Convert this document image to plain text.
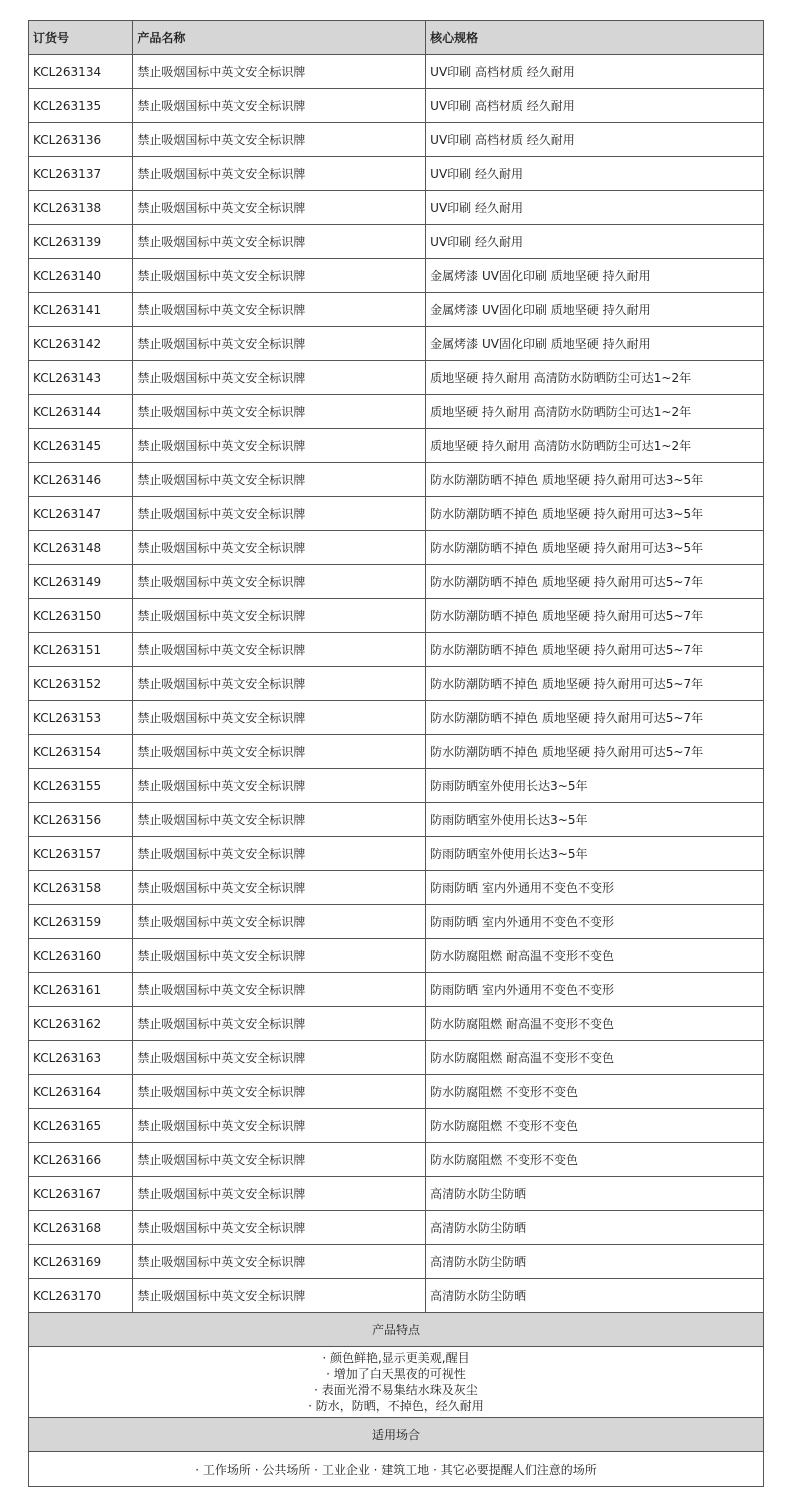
订货号	产品名称	核心规格
KCL263134	禁止吸烟国标中英文安全标识牌	UV印刷 高档材质 经久耐用
KCL263135	禁止吸烟国标中英文安全标识牌	UV印刷 高档材质 经久耐用
KCL263136	禁止吸烟国标中英文安全标识牌	UV印刷 高档材质 经久耐用
KCL263137	禁止吸烟国标中英文安全标识牌	UV印刷 经久耐用
KCL263138	禁止吸烟国标中英文安全标识牌	UV印刷 经久耐用
KCL263139	禁止吸烟国标中英文安全标识牌	UV印刷 经久耐用
KCL263140	禁止吸烟国标中英文安全标识牌	金属烤漆 UV固化印刷 质地坚硬 持久耐用
KCL263141	禁止吸烟国标中英文安全标识牌	金属烤漆 UV固化印刷 质地坚硬 持久耐用
KCL263142	禁止吸烟国标中英文安全标识牌	金属烤漆 UV固化印刷 质地坚硬 持久耐用
KCL263143	禁止吸烟国标中英文安全标识牌	质地坚硬 持久耐用 高清防水防晒防尘可达1~2年
KCL263144	禁止吸烟国标中英文安全标识牌	质地坚硬 持久耐用 高清防水防晒防尘可达1~2年
KCL263145	禁止吸烟国标中英文安全标识牌	质地坚硬 持久耐用 高清防水防晒防尘可达1~2年
KCL263146	禁止吸烟国标中英文安全标识牌	防水防潮防晒不掉色 质地坚硬 持久耐用可达3~5年
KCL263147	禁止吸烟国标中英文安全标识牌	防水防潮防晒不掉色 质地坚硬 持久耐用可达3~5年
KCL263148	禁止吸烟国标中英文安全标识牌	防水防潮防晒不掉色 质地坚硬 持久耐用可达3~5年
KCL263149	禁止吸烟国标中英文安全标识牌	防水防潮防晒不掉色 质地坚硬 持久耐用可达5~7年
KCL263150	禁止吸烟国标中英文安全标识牌	防水防潮防晒不掉色 质地坚硬 持久耐用可达5~7年
KCL263151	禁止吸烟国标中英文安全标识牌	防水防潮防晒不掉色 质地坚硬 持久耐用可达5~7年
KCL263152	禁止吸烟国标中英文安全标识牌	防水防潮防晒不掉色 质地坚硬 持久耐用可达5~7年
KCL263153	禁止吸烟国标中英文安全标识牌	防水防潮防晒不掉色 质地坚硬 持久耐用可达5~7年
KCL263154	禁止吸烟国标中英文安全标识牌	防水防潮防晒不掉色 质地坚硬 持久耐用可达5~7年
KCL263155	禁止吸烟国标中英文安全标识牌	防雨防晒室外使用长达3~5年
KCL263156	禁止吸烟国标中英文安全标识牌	防雨防晒室外使用长达3~5年
KCL263157	禁止吸烟国标中英文安全标识牌	防雨防晒室外使用长达3~5年
KCL263158	禁止吸烟国标中英文安全标识牌	防雨防晒 室内外通用不变色不变形
KCL263159	禁止吸烟国标中英文安全标识牌	防雨防晒 室内外通用不变色不变形
KCL263160	禁止吸烟国标中英文安全标识牌	防水防腐阻燃 耐高温不变形不变色
KCL263161	禁止吸烟国标中英文安全标识牌	防雨防晒 室内外通用不变色不变形
KCL263162	禁止吸烟国标中英文安全标识牌	防水防腐阻燃 耐高温不变形不变色
KCL263163	禁止吸烟国标中英文安全标识牌	防水防腐阻燃 耐高温不变形不变色
KCL263164	禁止吸烟国标中英文安全标识牌	防水防腐阻燃 不变形不变色
KCL263165	禁止吸烟国标中英文安全标识牌	防水防腐阻燃 不变形不变色
KCL263166	禁止吸烟国标中英文安全标识牌	防水防腐阻燃 不变形不变色
KCL263167	禁止吸烟国标中英文安全标识牌	高清防水防尘防晒
KCL263168	禁止吸烟国标中英文安全标识牌	高清防水防尘防晒
KCL263169	禁止吸烟国标中英文安全标识牌	高清防水防尘防晒
KCL263170	禁止吸烟国标中英文安全标识牌	高清防水防尘防晒
产品特点		

· 颜色鲜艳,显示更美观,醒目
· 增加了白天黑夜的可视性
· 表面光滑不易集结水珠及灰尘
· 防水，防晒，不掉色，经久耐用		

适用场合		
· 工作场所 · 公共场所 · 工业企业 · 建筑工地 · 其它必要提醒人们注意的场所		
